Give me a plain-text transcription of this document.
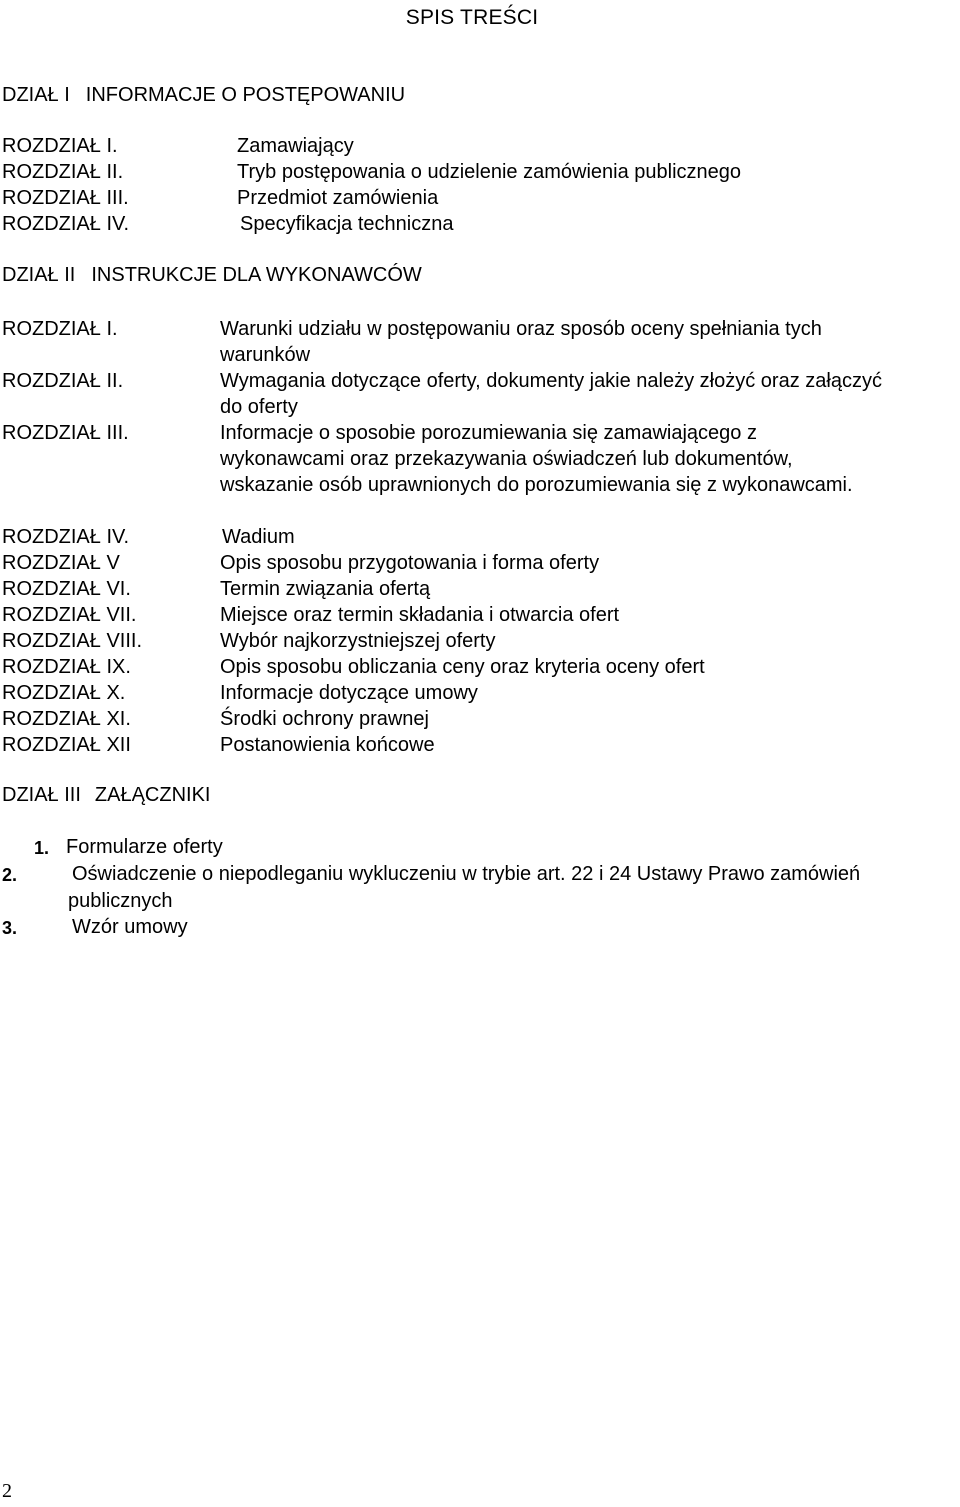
SPIS TREŚCI
DZIAŁ I INFORMACJE O POSTĘPOWANIU
ROZDZIAŁ I.	Zamawiający
ROZDZIAŁ II.	Tryb postępowania o udzielenie zamówienia publicznego
ROZDZIAŁ III.	Przedmiot zamówienia
ROZDZIAŁ IV.	Specyfikacja techniczna
DZIAŁ II INSTRUKCJE DLA WYKONAWCÓW
ROZDZIAŁ I.	Warunki udziału w postępowaniu oraz sposób oceny spełniania tych warunków
ROZDZIAŁ II.	Wymagania dotyczące oferty, dokumenty jakie należy złożyć oraz załączyć do oferty
ROZDZIAŁ III.	Informacje o sposobie porozumiewania się zamawiającego z wykonawcami oraz przekazywania oświadczeń lub dokumentów, wskazanie osób uprawnionych do porozumiewania się z wykonawcami.
ROZDZIAŁ IV.	Wadium
ROZDZIAŁ V	Opis sposobu przygotowania i forma oferty
ROZDZIAŁ VI.	Termin związania ofertą
ROZDZIAŁ VII.	Miejsce oraz termin składania i otwarcia ofert
ROZDZIAŁ VIII.	Wybór najkorzystniejszej oferty
ROZDZIAŁ IX.	Opis sposobu obliczania ceny oraz kryteria oceny ofert
ROZDZIAŁ X.	Informacje dotyczące umowy
ROZDZIAŁ XI.	Środki ochrony prawnej
ROZDZIAŁ XII	Postanowienia końcowe
DZIAŁ III ZAŁĄCZNIKI
1. Formularze oferty
2.	Oświadczenie o niepodleganiu wykluczeniu w trybie art. 22 i 24 Ustawy Prawo zamówień
publicznych
3.	Wzór umowy
2
